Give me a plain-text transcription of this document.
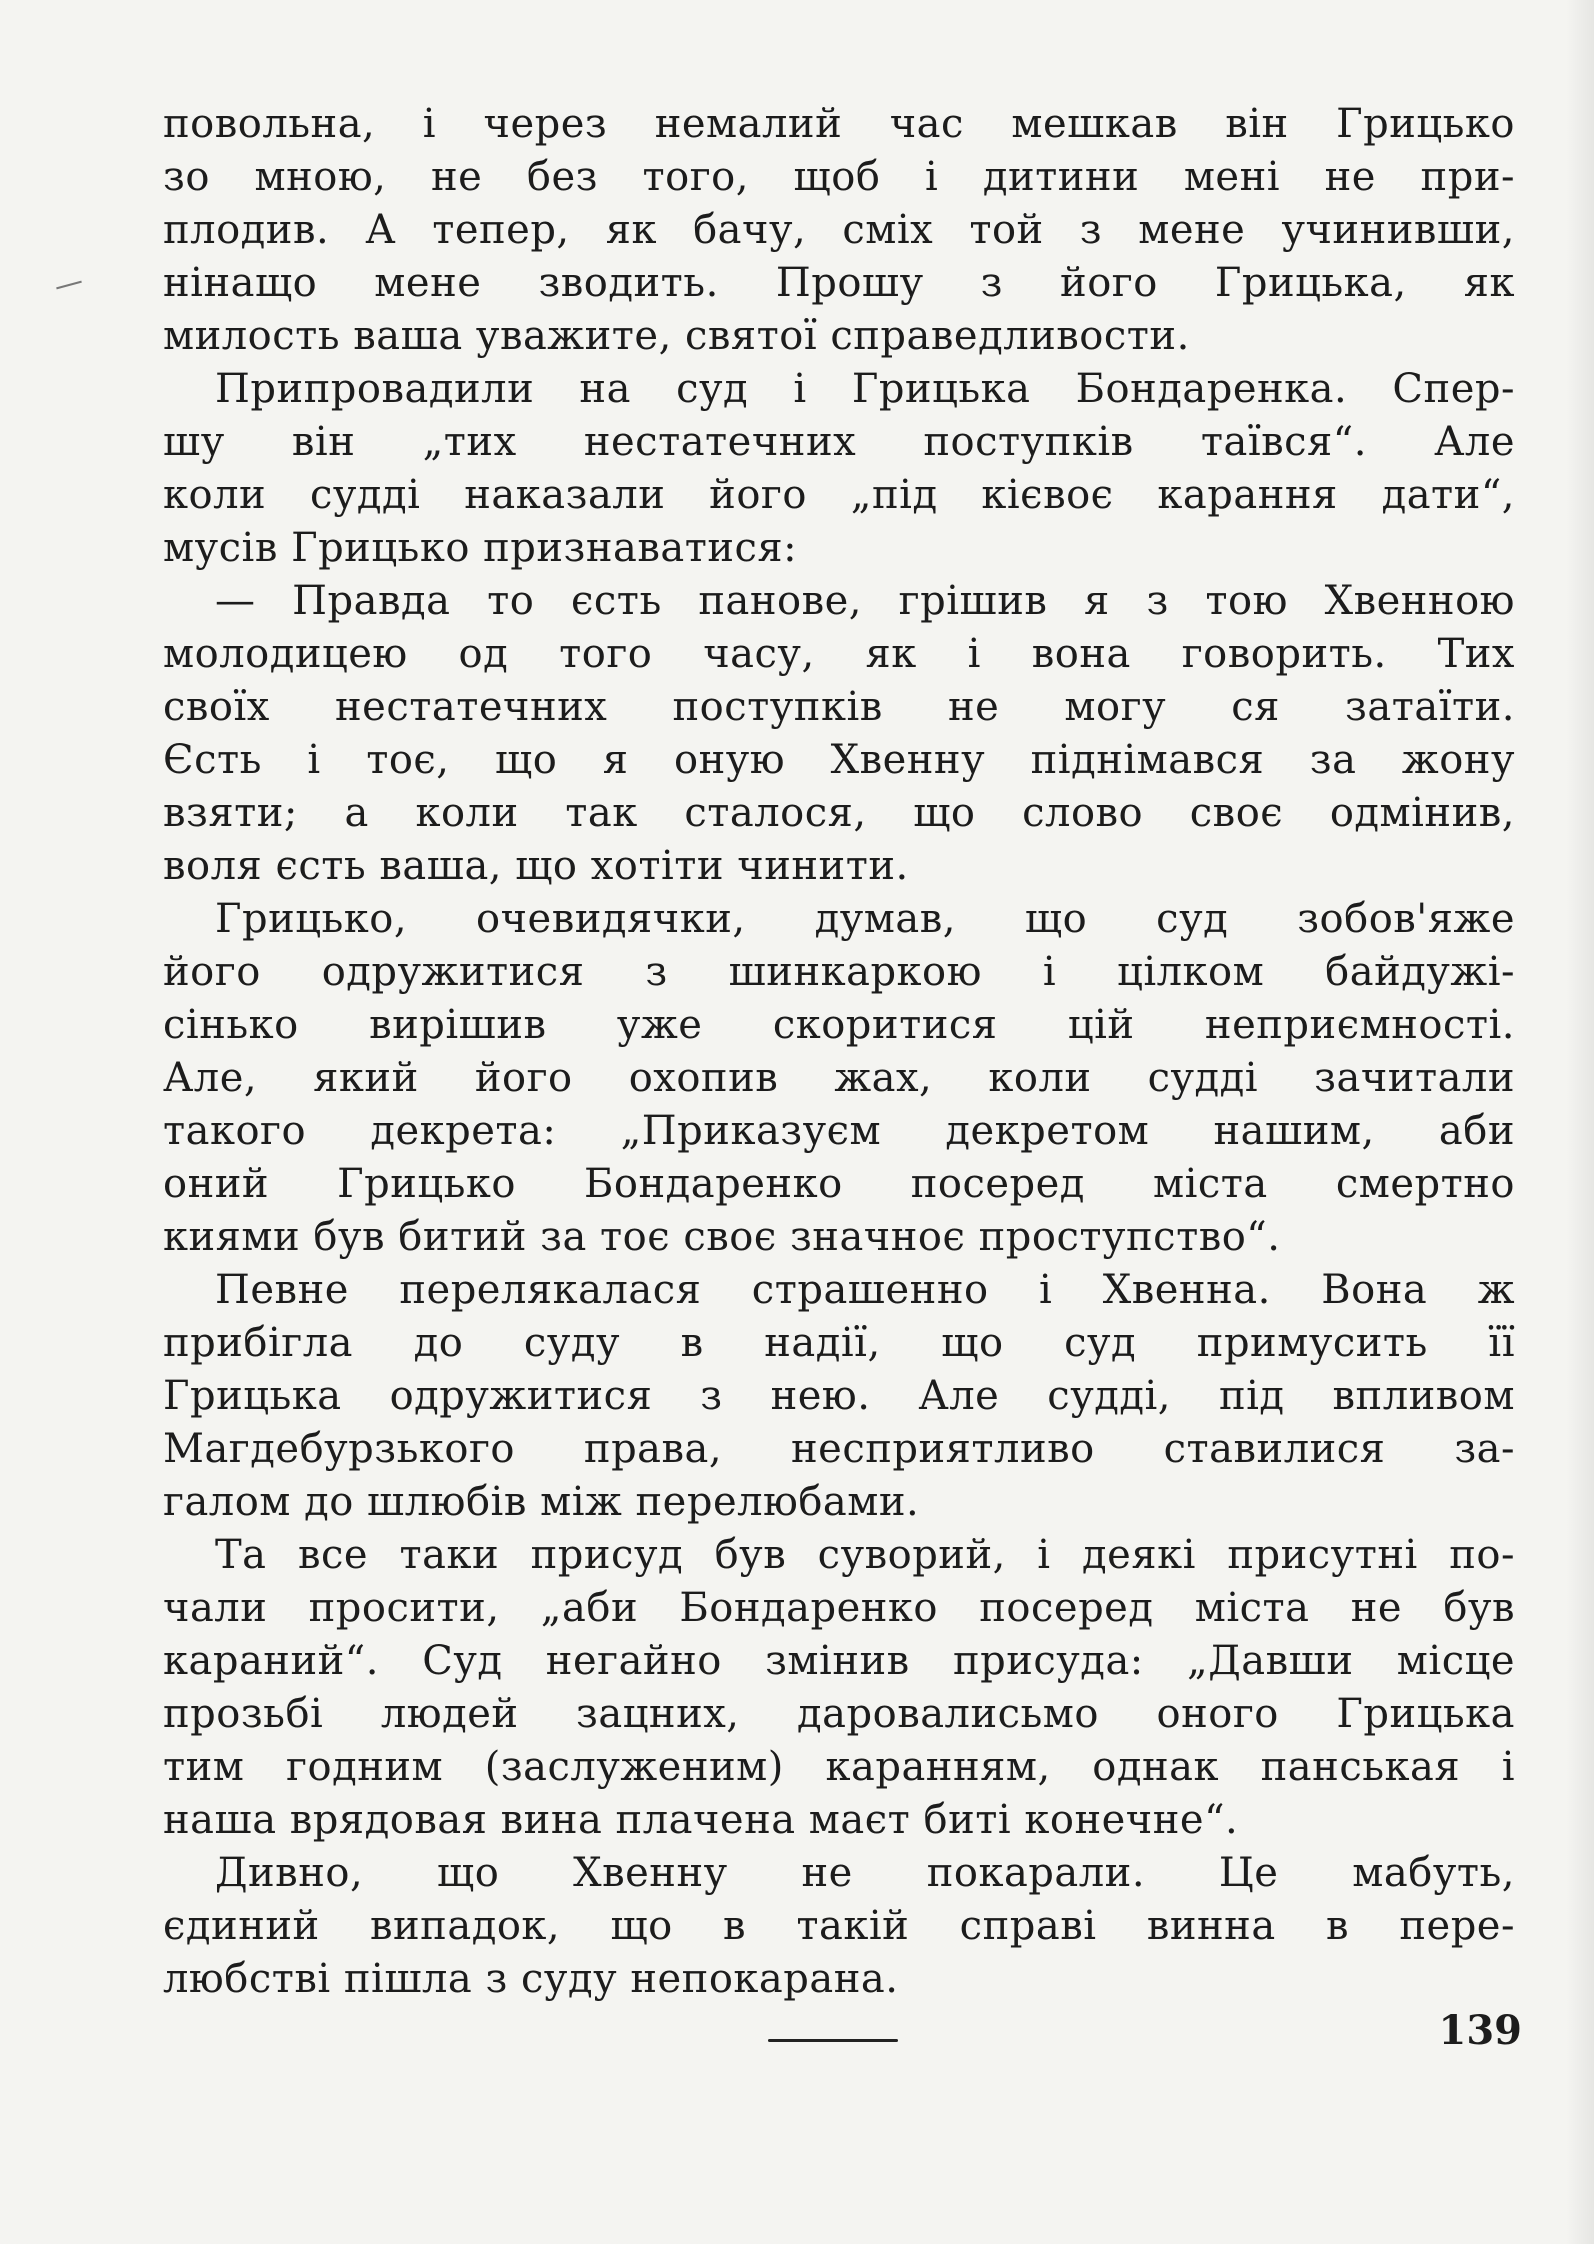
повольна, і через немалий час мешкав він Грицько
зо мною, не без того, щоб і дитини мені не при-
плодив. А тепер, як бачу, сміх той з мене учинивши,
нінащо мене зводить. Прошу з його Грицька, як
милость ваша уважите, святої справедливости.
Припровадили на суд і Грицька Бондаренка. Спер-
шу він „тих нестатечних поступків таївся“. Але
коли судді наказали його „під кієвоє карання дати“,
мусів Грицько признаватися:
— Правда то єсть панове, грішив я з тою Хвенною
молодицею од того часу, як і вона говорить. Тих
своїх нестатечних поступків не могу ся затаїти.
Єсть і тоє, що я оную Хвенну піднімався за жону
взяти; а коли так сталося, що слово своє одмінив,
воля єсть ваша, що хотіти чинити.
Грицько, очевидячки, думав, що суд зобов'яже
його одружитися з шинкаркою і цілком байдужі-
сінько вирішив уже скоритися цій неприємності.
Але, який його охопив жах, коли судді зачитали
такого декрета: „Приказуєм декретом нашим, аби
оний Грицько Бондаренко посеред міста смертно
киями був битий за тоє своє значноє проступство“.
Певне перелякалася страшенно і Хвенна. Вона ж
прибігла до суду в надії, що суд примусить її
Грицька одружитися з нею. Але судді, під впливом
Магдебурзького права, несприятливо ставилися за-
галом до шлюбів між перелюбами.
Та все таки присуд був суворий, і деякі присутні по-
чали просити, „аби Бондаренко посеред міста не був
караний“. Суд негайно змінив присуда: „Давши місце
прозьбі людей зацних, даровалисьмо оного Грицька
тим годним (заслуженим) каранням, однак панськая і
наша врядовая вина плачена маєт биті конечне“.
Дивно, що Хвенну не покарали. Це мабуть,
єдиний випадок, що в такій справі винна в пере-
любстві пішла з суду непокарана.
139
